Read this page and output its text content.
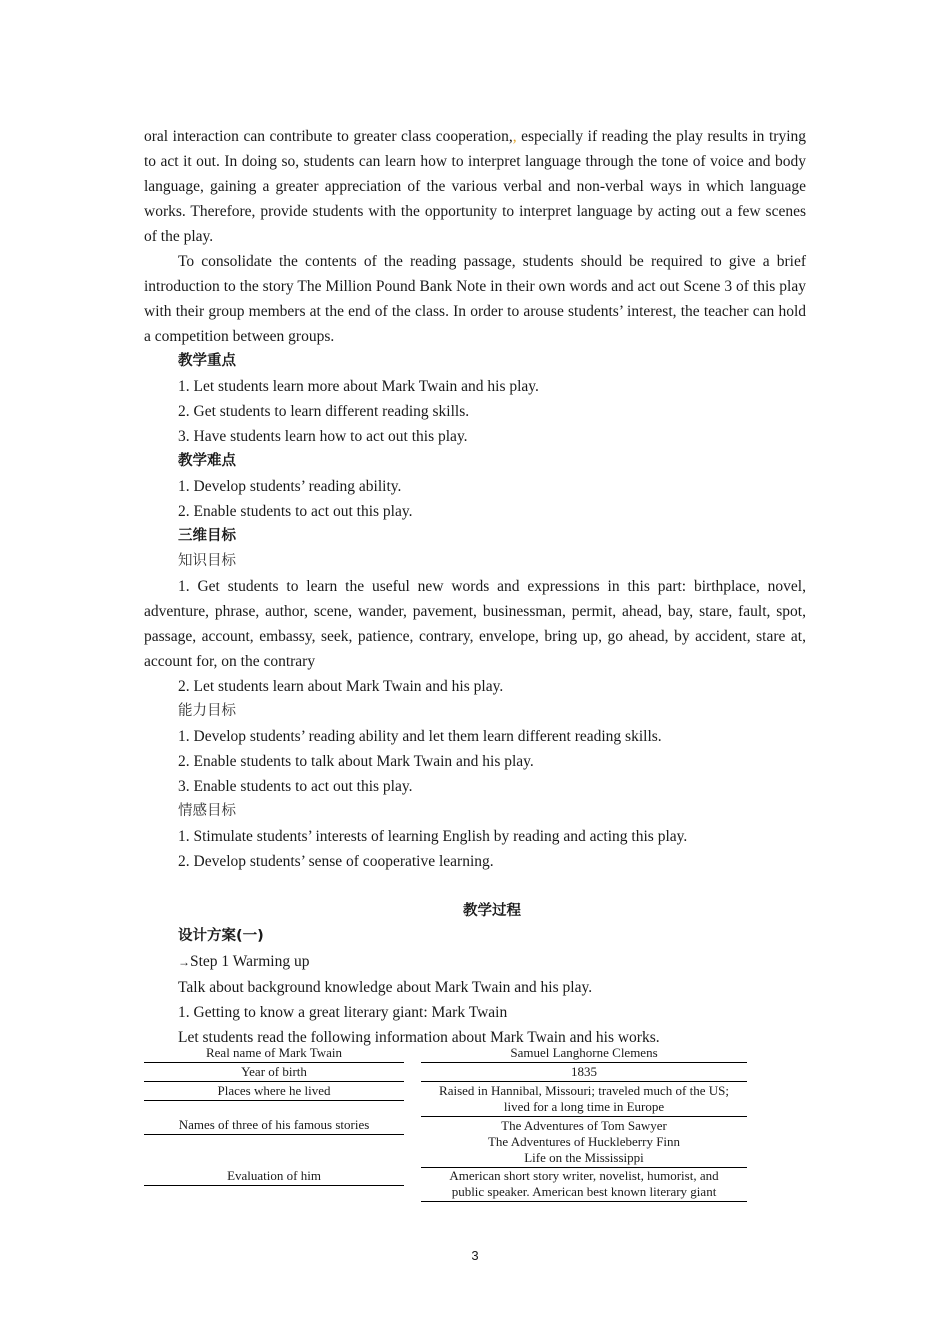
oral interaction can contribute to greater class cooperation,, especially if reading the play results in trying to act it out. In doing so, students can learn how to interpret language through the tone of voice and body language, gaining a greater appreciation of the various verbal and non-verbal ways in which language works. Therefore, provide students with the opportunity to interpret language by acting out a few scenes of the play.

To consolidate the contents of the reading passage, students should be required to give a brief introduction to the story The Million Pound Bank Note in their own words and act out Scene 3 of this play with their group members at the end of the class. In order to arouse students’ interest, the teacher can hold a competition between groups.

教学重点

1. Let students learn more about Mark Twain and his play.

2. Get students to learn different reading skills.

3. Have students learn how to act out this play.

教学难点

1. Develop students’ reading ability.

2. Enable students to act out this play.

三维目标

知识目标

1. Get students to learn the useful new words and expressions in this part: birthplace, novel, adventure, phrase, author, scene, wander, pavement, businessman, permit, ahead, bay, stare, fault, spot, passage, account, embassy, seek, patience, contrary, envelope, bring up, go ahead, by accident, stare at, account for, on the contrary

2. Let students learn about Mark Twain and his play.

能力目标

1. Develop students’ reading ability and let them learn different reading skills.

2. Enable students to talk about Mark Twain and his play.

3. Enable students to act out this play.

情感目标

1. Stimulate students’ interests of learning English by reading and acting this play.

2. Develop students’ sense of cooperative learning.

教学过程

设计方案(一)

→Step 1 Warming up

Talk about background knowledge about Mark Twain and his play.

1. Getting to know a great literary giant: Mark Twain

Let students read the following information about Mark Twain and his works.

Real name of Mark Twain	Samuel Langhorne Clemens
Year of birth	1835
Places where he lived	Raised in Hannibal, Missouri; traveled much of the US;
lived for a long time in Europe
Names of three of his famous stories	The Adventures of Tom Sawyer
The Adventures of Huckleberry Finn
Life on the Mississippi
Evaluation of him	American short story writer, novelist, humorist, and
public speaker. American best known literary giant
3
